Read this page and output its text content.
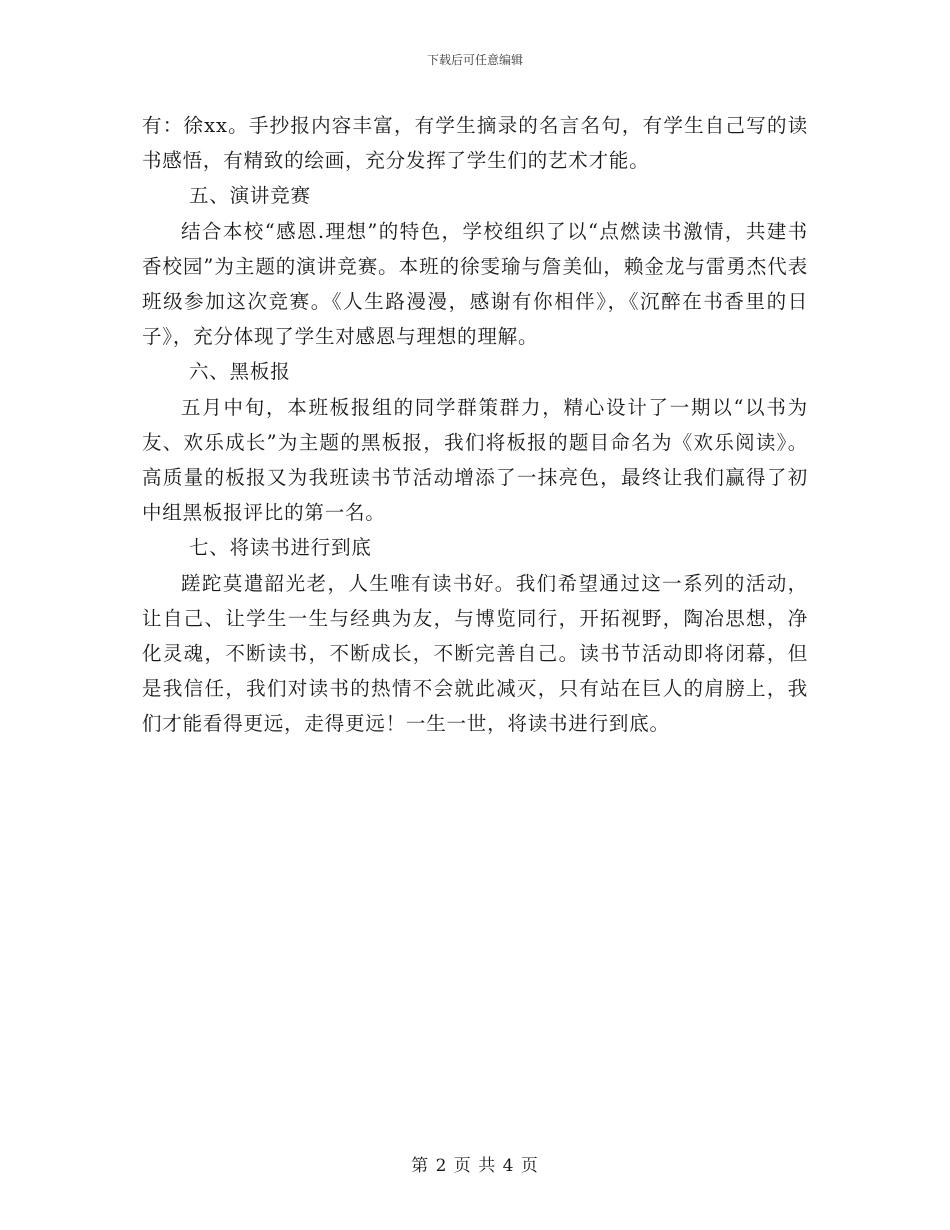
下载后可任意编辑

有：徐xx。手抄报内容丰富，有学生摘录的名言名句，有学生自己写的读书感悟，有精致的绘画，充分发挥了学生们的艺术才能。

五、演讲竞赛

结合本校“感恩.理想”的特色，学校组织了以“点燃读书激情，共建书香校园”为主题的演讲竞赛。本班的徐雯瑜与詹美仙，赖金龙与雷勇杰代表班级参加这次竞赛。《人生路漫漫，感谢有你相伴》，《沉醉在书香里的日子》，充分体现了学生对感恩与理想的理解。

六、黑板报

五月中旬，本班板报组的同学群策群力，精心设计了一期以“以书为友、欢乐成长”为主题的黑板报，我们将板报的题目命名为《欢乐阅读》。高质量的板报又为我班读书节活动增添了一抹亮色，最终让我们赢得了初中组黑板报评比的第一名。

七、将读书进行到底

蹉跎莫遣韶光老，人生唯有读书好。我们希望通过这一系列的活动，让自己、让学生一生与经典为友，与博览同行，开拓视野，陶冶思想，净化灵魂，不断读书，不断成长，不断完善自己。读书节活动即将闭幕，但是我信任，我们对读书的热情不会就此减灭，只有站在巨人的肩膀上，我们才能看得更远，走得更远！一生一世，将读书进行到底。

第 2 页 共 4 页
